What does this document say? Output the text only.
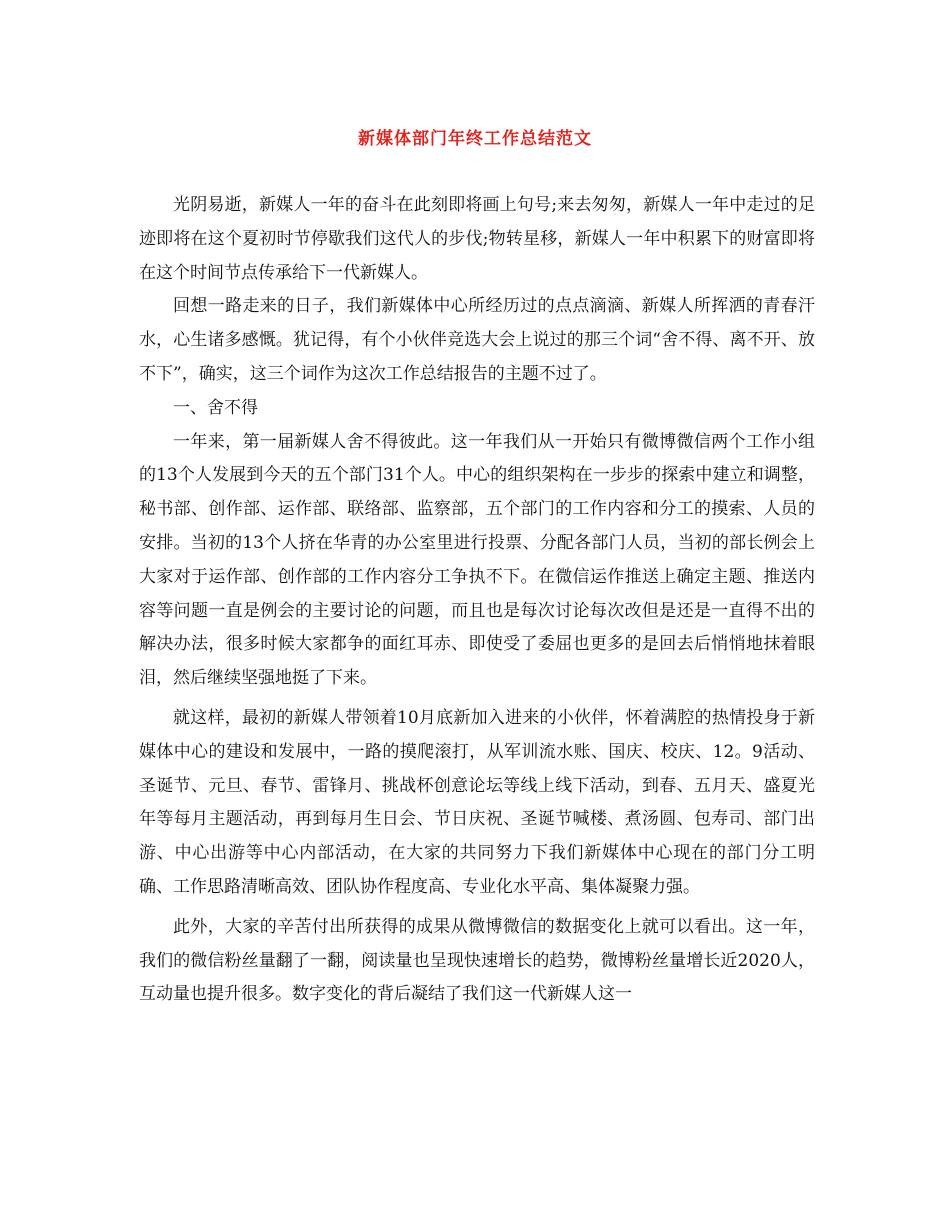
新媒体部门年终工作总结范文

光阴易逝，新媒人一年的奋斗在此刻即将画上句号;来去匆匆，新媒人一年中走过的足迹即将在这个夏初时节停歇我们这代人的步伐;物转星移，新媒人一年中积累下的财富即将在这个时间节点传承给下一代新媒人。

回想一路走来的日子，我们新媒体中心所经历过的点点滴滴、新媒人所挥洒的青春汗水，心生诸多感慨。犹记得，有个小伙伴竞选大会上说过的那三个词“舍不得、离不开、放不下”，确实，这三个词作为这次工作总结报告的主题不过了。

一、舍不得

一年来，第一届新媒人舍不得彼此。这一年我们从一开始只有微博微信两个工作小组的13个人发展到今天的五个部门31个人。中心的组织架构在一步步的探索中建立和调整，秘书部、创作部、运作部、联络部、监察部，五个部门的工作内容和分工的摸索、人员的安排。当初的13个人挤在华青的办公室里进行投票、分配各部门人员，当初的部长例会上大家对于运作部、创作部的工作内容分工争执不下。在微信运作推送上确定主题、推送内容等问题一直是例会的主要讨论的问题，而且也是每次讨论每次改但是还是一直得不出的解决办法，很多时候大家都争的面红耳赤、即使受了委屈也更多的是回去后悄悄地抹着眼泪，然后继续坚强地挺了下来。

就这样，最初的新媒人带领着10月底新加入进来的小伙伴，怀着满腔的热情投身于新媒体中心的建设和发展中，一路的摸爬滚打，从军训流水账、国庆、校庆、12。9活动、圣诞节、元旦、春节、雷锋月、挑战杯创意论坛等线上线下活动，到春、五月天、盛夏光年等每月主题活动，再到每月生日会、节日庆祝、圣诞节喊楼、煮汤圆、包寿司、部门出游、中心出游等中心内部活动，在大家的共同努力下我们新媒体中心现在的部门分工明确、工作思路清晰高效、团队协作程度高、专业化水平高、集体凝聚力强。

此外，大家的辛苦付出所获得的成果从微博微信的数据变化上就可以看出。这一年，我们的微信粉丝量翻了一翻，阅读量也呈现快速增长的趋势，微博粉丝量增长近2020人，互动量也提升很多。数字变化的背后凝结了我们这一代新媒人这一
